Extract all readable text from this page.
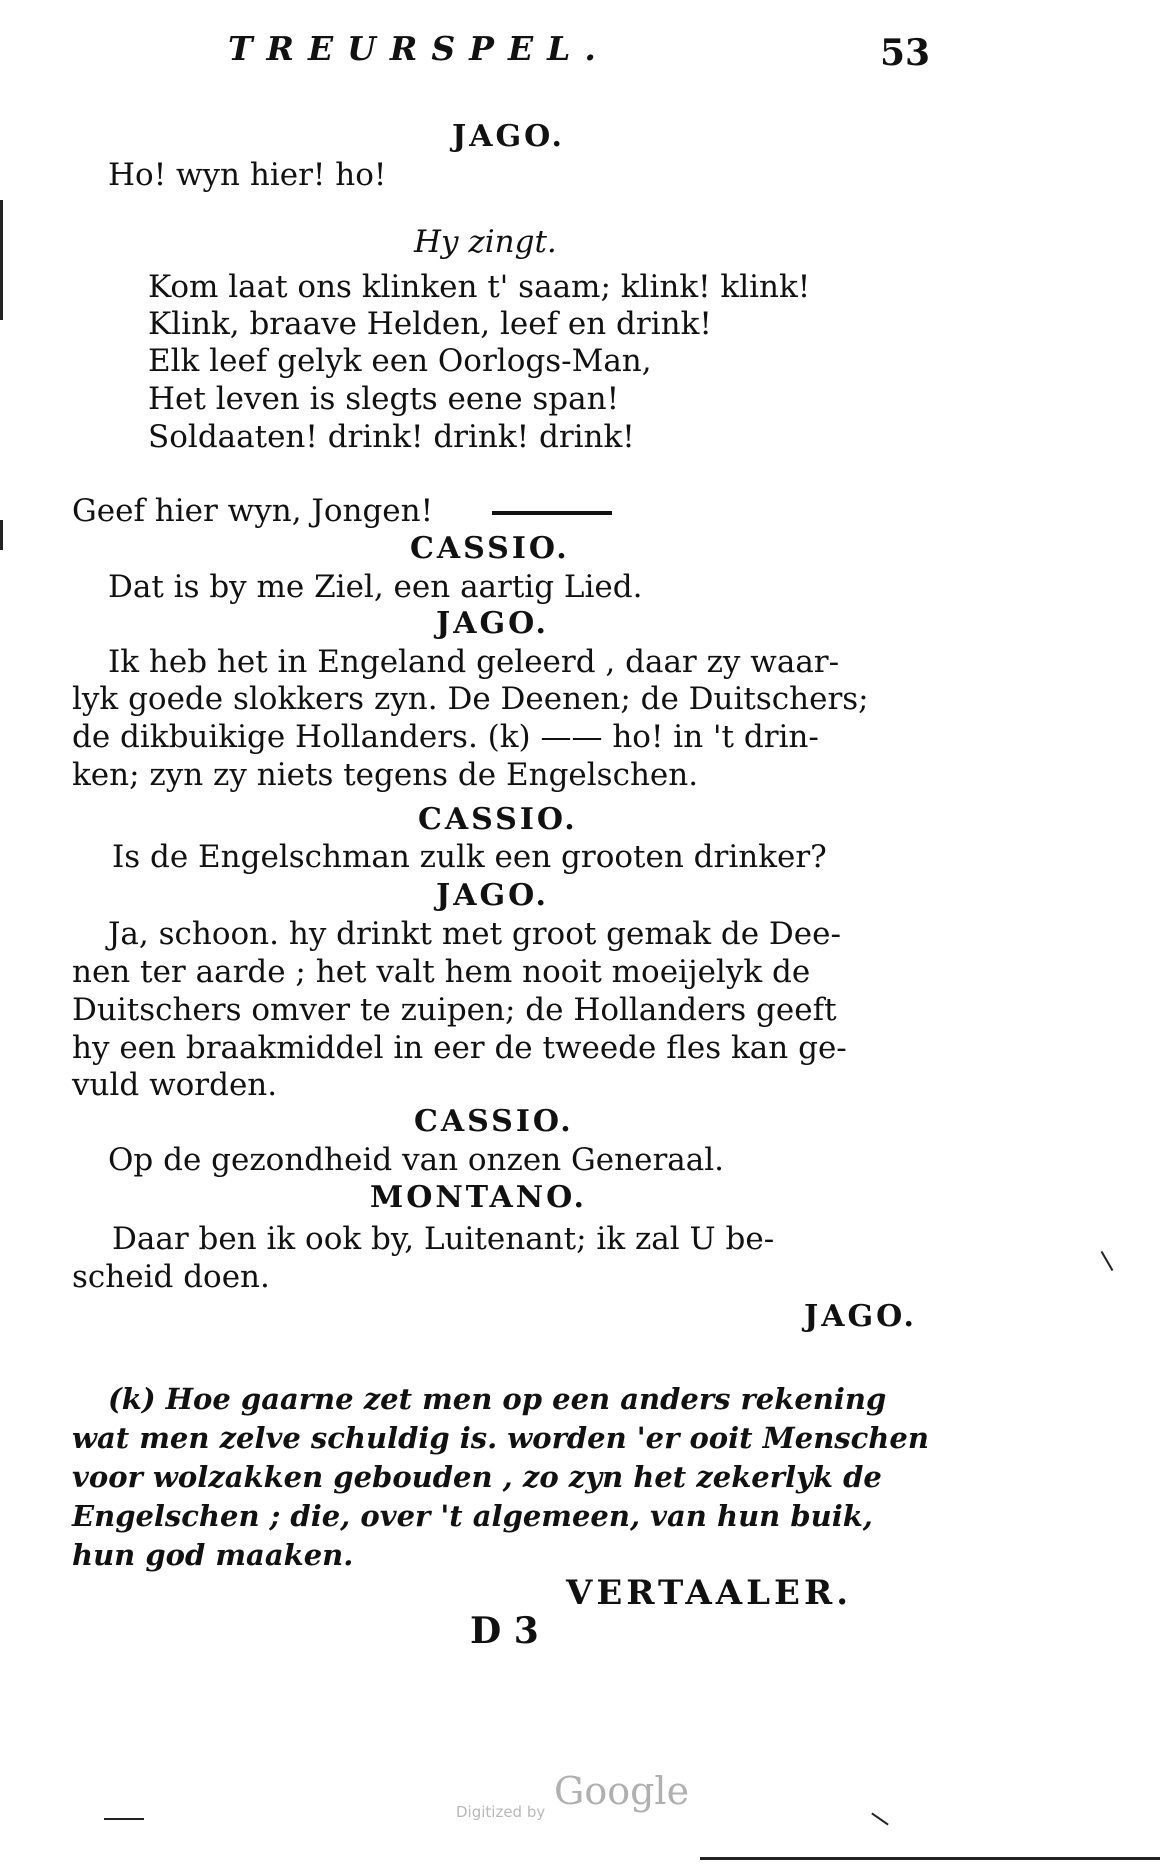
TREURSPEL.	53
JAGO.
Ho! wyn hier! ho!
Hy zingt.
Kom laat ons klinken t' saam; klink! klink!
Klink, braave Helden, leef en drink!
Elk leef gelyk een Oorlogs-Man,
Het leven is slegts eene span!
Soldaaten! drink! drink! drink!
Geef hier wyn, Jongen!
CASSIO.
Dat is by me Ziel, een aartig Lied.
JAGO.
Ik heb het in Engeland geleerd , daar zy waar-
lyk goede slokkers zyn. De Deenen; de Duitschers;
de dikbuikige Hollanders. (k) —— ho! in 't drin-
ken; zyn zy niets tegens de Engelschen.
CASSIO.
Is de Engelschman zulk een grooten drinker?
JAGO.
Ja, schoon. hy drinkt met groot gemak de Dee-
nen ter aarde ; het valt hem nooit moeijelyk de
Duitschers omver te zuipen; de Hollanders geeft
hy een braakmiddel in eer de tweede fles kan ge-
vuld worden.
CASSIO.
Op de gezondheid van onzen Generaal.
MONTANO.
Daar ben ik ook by, Luitenant; ik zal U be-
scheid doen.
JAGO.
(k) Hoe gaarne zet men op een anders rekening
wat men zelve schuldig is. worden 'er ooit Menschen
voor wolzakken gebouden , zo zyn het zekerlyk de
Engelschen ; die, over 't algemeen, van hun buik,
hun god maaken.
VERTAALER.
D 3
Digitized by Google
